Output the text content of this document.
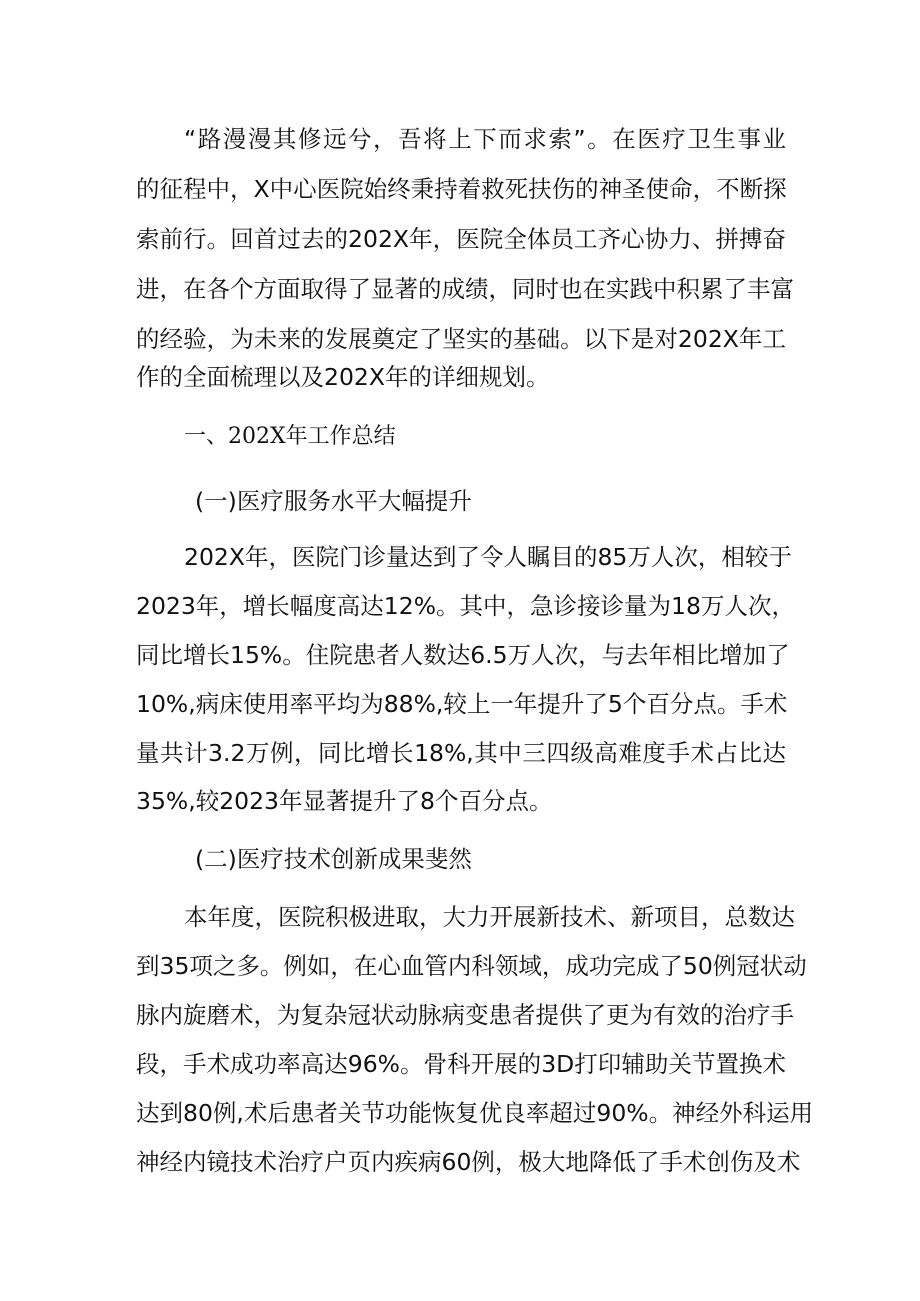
“路漫漫其修远兮，吾将上下而求索”。在医疗卫生事业
的征程中，X中心医院始终秉持着救死扶伤的神圣使命，不断探
索前行。回首过去的202X年，医院全体员工齐心协力、拼搏奋
进，在各个方面取得了显著的成绩，同时也在实践中积累了丰富
的经验，为未来的发展奠定了坚实的基础。以下是对202X年工
作的全面梳理以及202X年的详细规划。
一、202X年工作总结
(一)医疗服务水平大幅提升
202X年，医院门诊量达到了令人瞩目的85万人次，相较于
2023年，增长幅度高达12%。其中，急诊接诊量为18万人次，
同比增长15%。住院患者人数达6.5万人次，与去年相比增加了
10%,病床使用率平均为88%,较上一年提升了5个百分点。手术
量共计3.2万例，同比增长18%,其中三四级高难度手术占比达
35%,较2023年显著提升了8个百分点。
(二)医疗技术创新成果斐然
本年度，医院积极进取，大力开展新技术、新项目，总数达
到35项之多。例如，在心血管内科领域，成功完成了50例冠状动
脉内旋磨术，为复杂冠状动脉病变患者提供了更为有效的治疗手
段，手术成功率高达96%。骨科开展的3D打印辅助关节置换术
达到80例,术后患者关节功能恢复优良率超过90%。神经外科运用
神经内镜技术治疗户页内疾病60例，极大地降低了手术创伤及术
